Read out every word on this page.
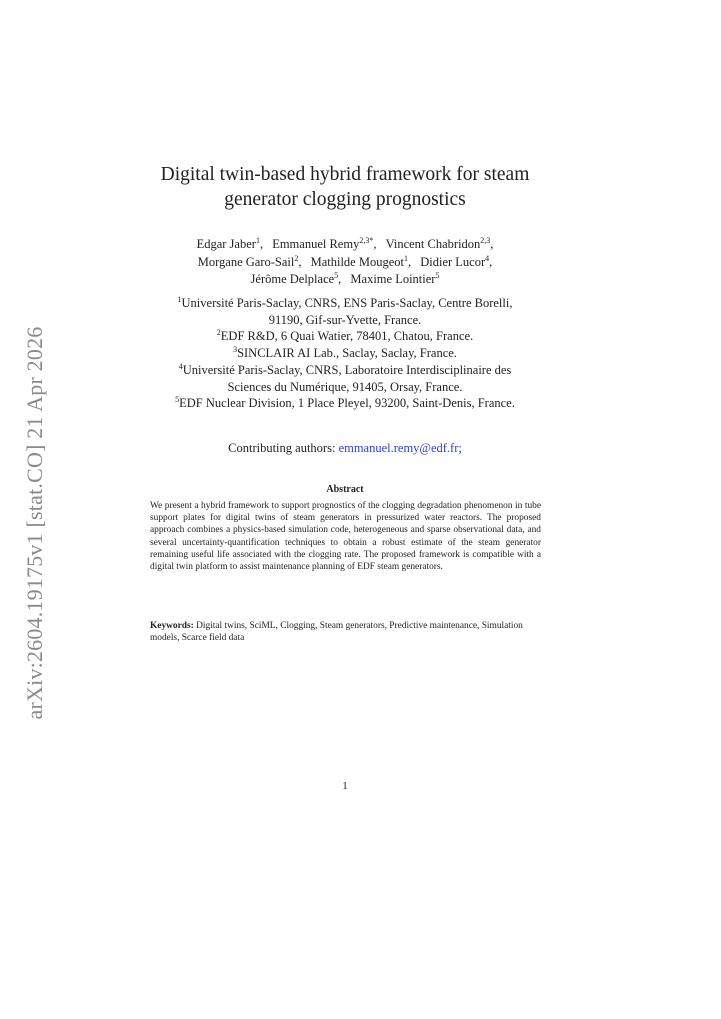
arXiv:2604.19175v1 [stat.CO] 21 Apr 2026
Digital twin-based hybrid framework for steam
generator clogging prognostics
Edgar Jaber$^1$, Emmanuel Remy$^{2,3*}$, Vincent Chabridon$^{2,3}$,
Morgane Garo-Sail$^2$, Mathilde Mougeot$^1$, Didier Lucor$^4$,
Jérôme Delplace$^5$, Maxime Lointier$^5$
$^1$Université Paris-Saclay, CNRS, ENS Paris-Saclay, Centre Borelli,
91190, Gif-sur-Yvette, France.
$^2$EDF R&D, 6 Quai Watier, 78401, Chatou, France.
$^3$SINCLAIR AI Lab., Saclay, Saclay, France.
$^4$Université Paris-Saclay, CNRS, Laboratoire Interdisciplinaire des
Sciences du Numérique, 91405, Orsay, France.
$^5$EDF Nuclear Division, 1 Place Pleyel, 93200, Saint-Denis, France.
Contributing authors: emmanuel.remy@edf.fr;
Abstract
We present a hybrid framework to support prognostics of the clogging degradation phenomenon in tube support plates for digital twins of steam generators in pressurized water reactors. The proposed approach combines a physics-based simulation code, heterogeneous and sparse observational data, and several uncertainty-quantification techniques to obtain a robust estimate of the steam generator remaining useful life associated with the clogging rate. The proposed framework is compatible with a digital twin platform to assist maintenance planning of EDF steam generators.
Keywords: Digital twins, SciML, Clogging, Steam generators, Predictive maintenance, Simulation models, Scarce field data
1
